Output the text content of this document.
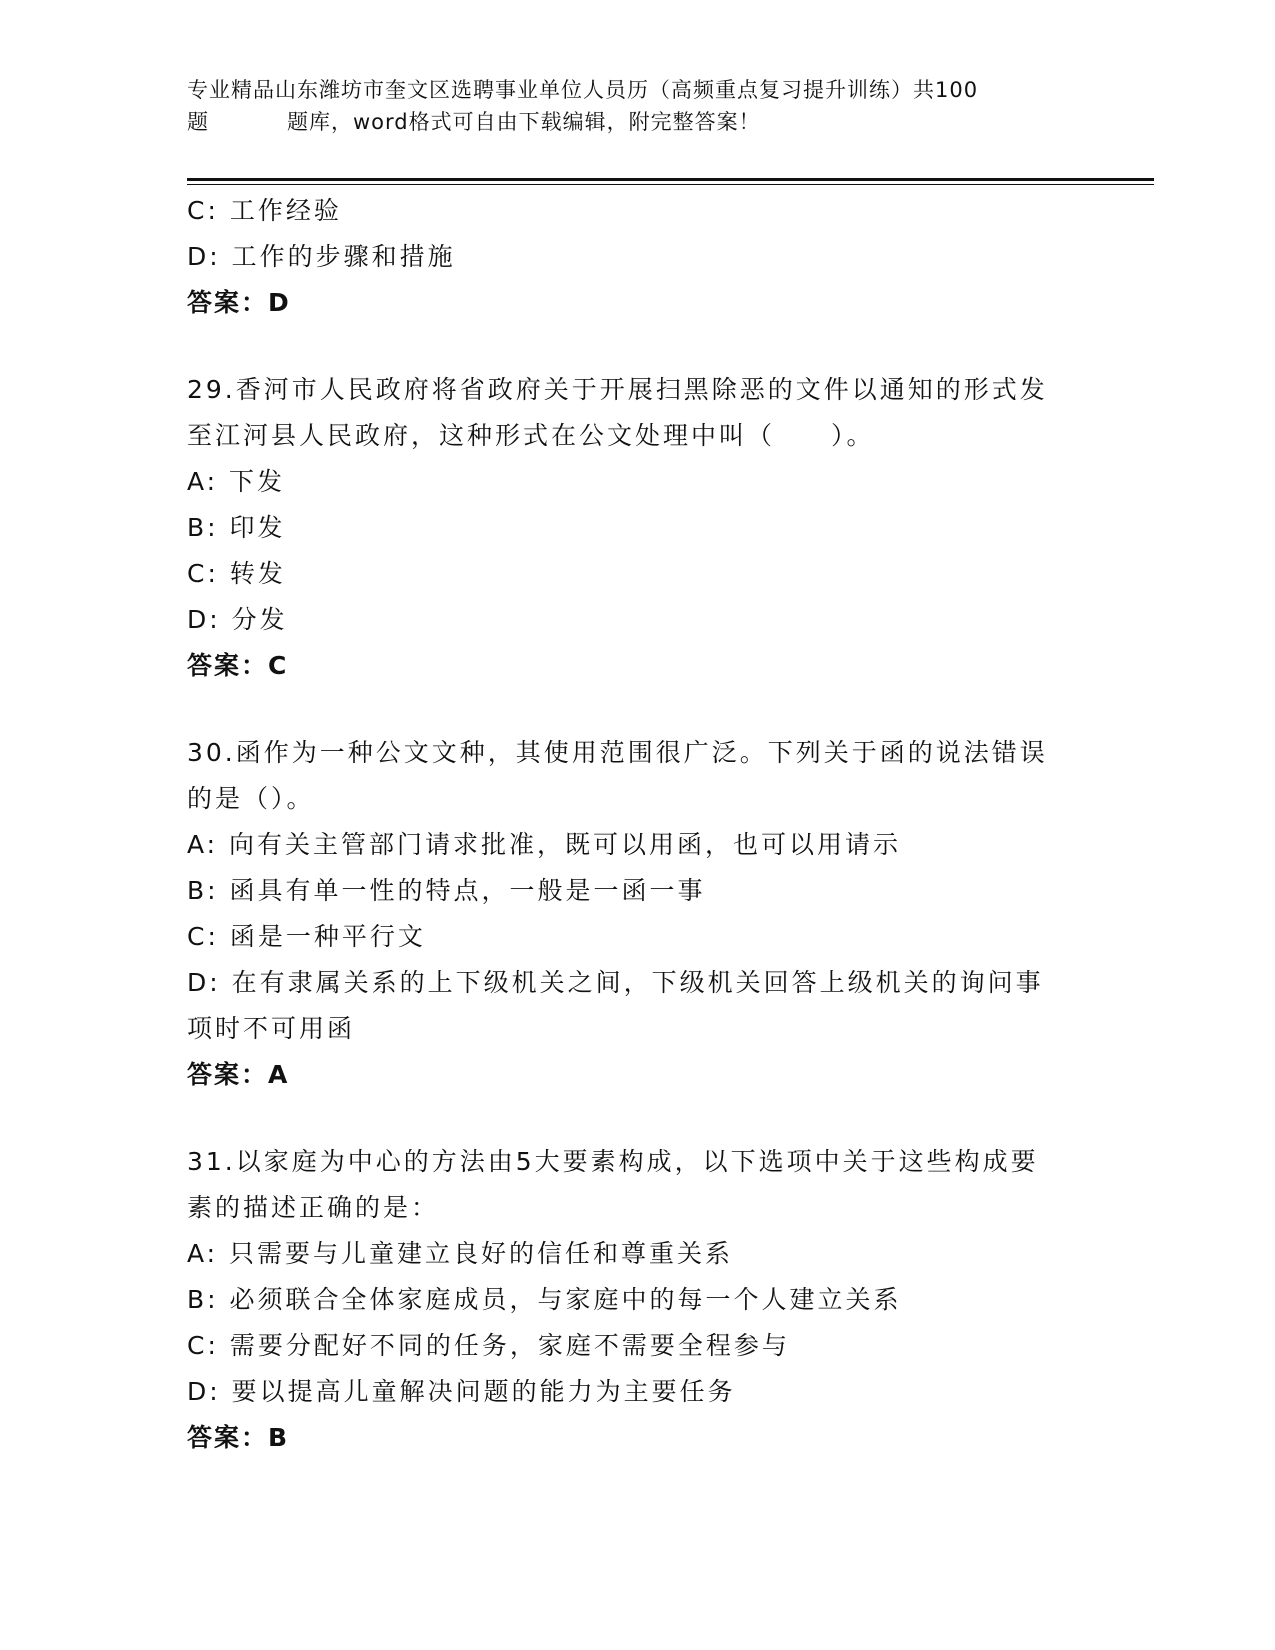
专业精品山东潍坊市奎文区选聘事业单位人员历（高频重点复习提升训练）共100
题	题库，word格式可自由下载编辑，附完整答案！
C: 工作经验
D: 工作的步骤和措施
答案：D
29.香河市人民政府将省政府关于开展扫黑除恶的文件以通知的形式发
至江河县人民政府，这种形式在公文处理中叫（　　）。
A: 下发
B: 印发
C: 转发
D: 分发
答案：C
30.函作为一种公文文种，其使用范围很广泛。下列关于函的说法错误
的是（）。
A: 向有关主管部门请求批准，既可以用函，也可以用请示
B: 函具有单一性的特点，一般是一函一事
C: 函是一种平行文
D: 在有隶属关系的上下级机关之间，下级机关回答上级机关的询问事
项时不可用函
答案：A
31.以家庭为中心的方法由5大要素构成，以下选项中关于这些构成要
素的描述正确的是：
A: 只需要与儿童建立良好的信任和尊重关系
B: 必须联合全体家庭成员，与家庭中的每一个人建立关系
C: 需要分配好不同的任务，家庭不需要全程参与
D: 要以提高儿童解决问题的能力为主要任务
答案：B
